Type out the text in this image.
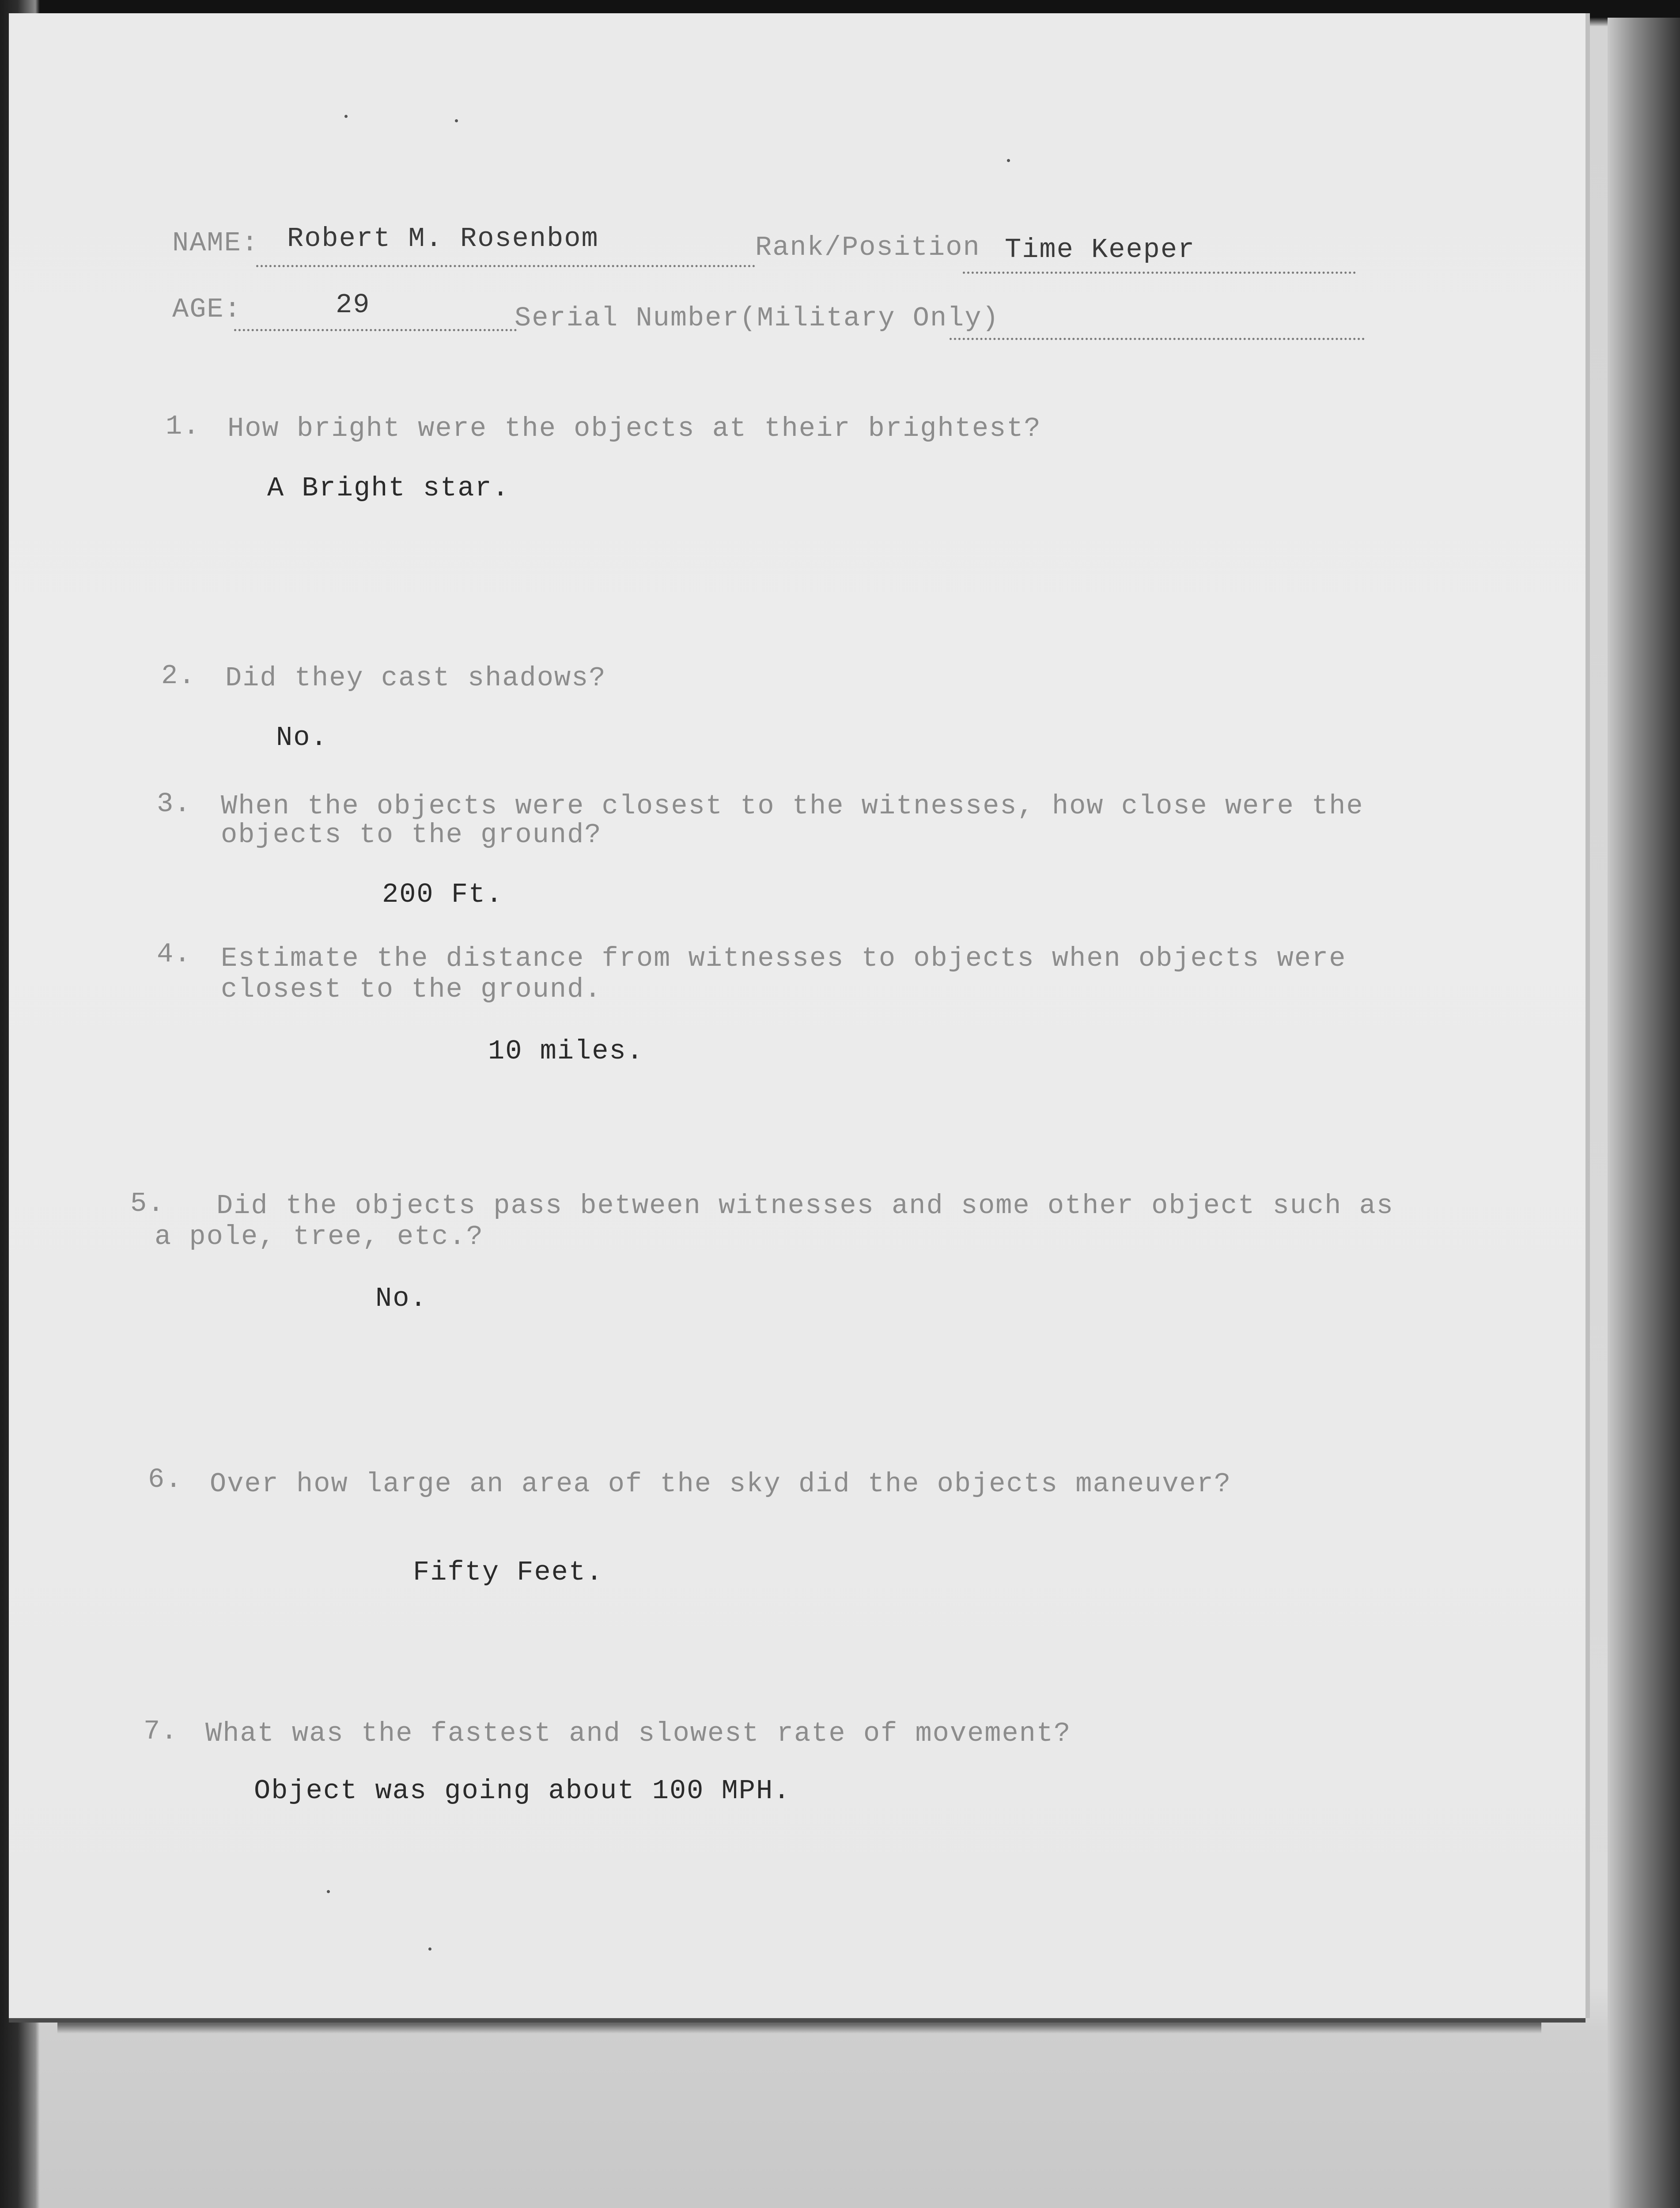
NAME: Robert M. Rosenbom	Rank/Position Time Keeper
AGE:	29	Serial Number(Military Only)
1. How bright were the objects at their brightest?
A Bright star.
2. Did they cast shadows?
No.
3. When the objects were closest to the witnesses, how close were the
objects to the ground?
200 Ft.
4. Estimate the distance from witnesses to objects when objects were
closest to the ground.
10 miles.
5. Did the objects pass between witnesses and some other object such as
a pole, tree, etc.?
No.
6. Over how large an area of the sky did the objects maneuver?
Fifty Feet.
7. What was the fastest and slowest rate of movement?
Object was going about 100 MPH.
